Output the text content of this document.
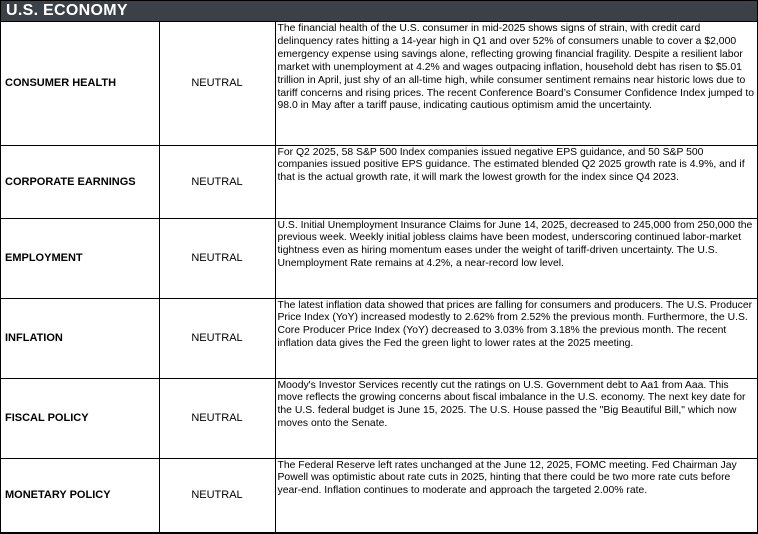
U.S. ECONOMY
CONSUMER HEALTH	NEUTRAL	The financial health of the U.S. consumer in mid-2025 shows signs of strain, with credit card delinquency rates hitting a 14-year high in Q1 and over 52% of consumers unable to cover a $2,000 emergency expense using savings alone, reflecting growing financial fragility. Despite a resilient labor market with unemployment at 4.2% and wages outpacing inflation, household debt has risen to $5.01 trillion in April, just shy of an all-time high, while consumer sentiment remains near historic lows due to tariff concerns and rising prices. The recent Conference Board’s Consumer Confidence Index jumped to 98.0 in May after a tariff pause, indicating cautious optimism amid the uncertainty.
CORPORATE EARNINGS	NEUTRAL	For Q2 2025, 58 S&P 500 Index companies issued negative EPS guidance, and 50 S&P 500 companies issued positive EPS guidance. The estimated blended Q2 2025 growth rate is 4.9%, and if that is the actual growth rate, it will mark the lowest growth for the index since Q4 2023.
EMPLOYMENT	NEUTRAL	U.S. Initial Unemployment Insurance Claims for June 14, 2025, decreased to 245,000 from 250,000 the previous week. Weekly initial jobless claims have been modest, underscoring continued labor-market tightness even as hiring momentum eases under the weight of tariff-driven uncertainty. The U.S. Unemployment Rate remains at 4.2%, a near-record low level.
INFLATION	NEUTRAL	The latest inflation data showed that prices are falling for consumers and producers. The U.S. Producer Price Index (YoY) increased modestly to 2.62% from 2.52% the previous month. Furthermore, the U.S. Core Producer Price Index (YoY) decreased to 3.03% from 3.18% the previous month. The recent inflation data gives the Fed the green light to lower rates at the 2025 meeting.
FISCAL POLICY	NEUTRAL	Moody's Investor Services recently cut the ratings on U.S. Government debt to Aa1 from Aaa. This move reflects the growing concerns about fiscal imbalance in the U.S. economy. The next key date for the U.S. federal budget is June 15, 2025. The U.S. House passed the "Big Beautiful Bill," which now moves onto the Senate.
MONETARY POLICY	NEUTRAL	The Federal Reserve left rates unchanged at the June 12, 2025, FOMC meeting. Fed Chairman Jay Powell was optimistic about rate cuts in 2025, hinting that there could be two more rate cuts before year-end. Inflation continues to moderate and approach the targeted 2.00% rate.
